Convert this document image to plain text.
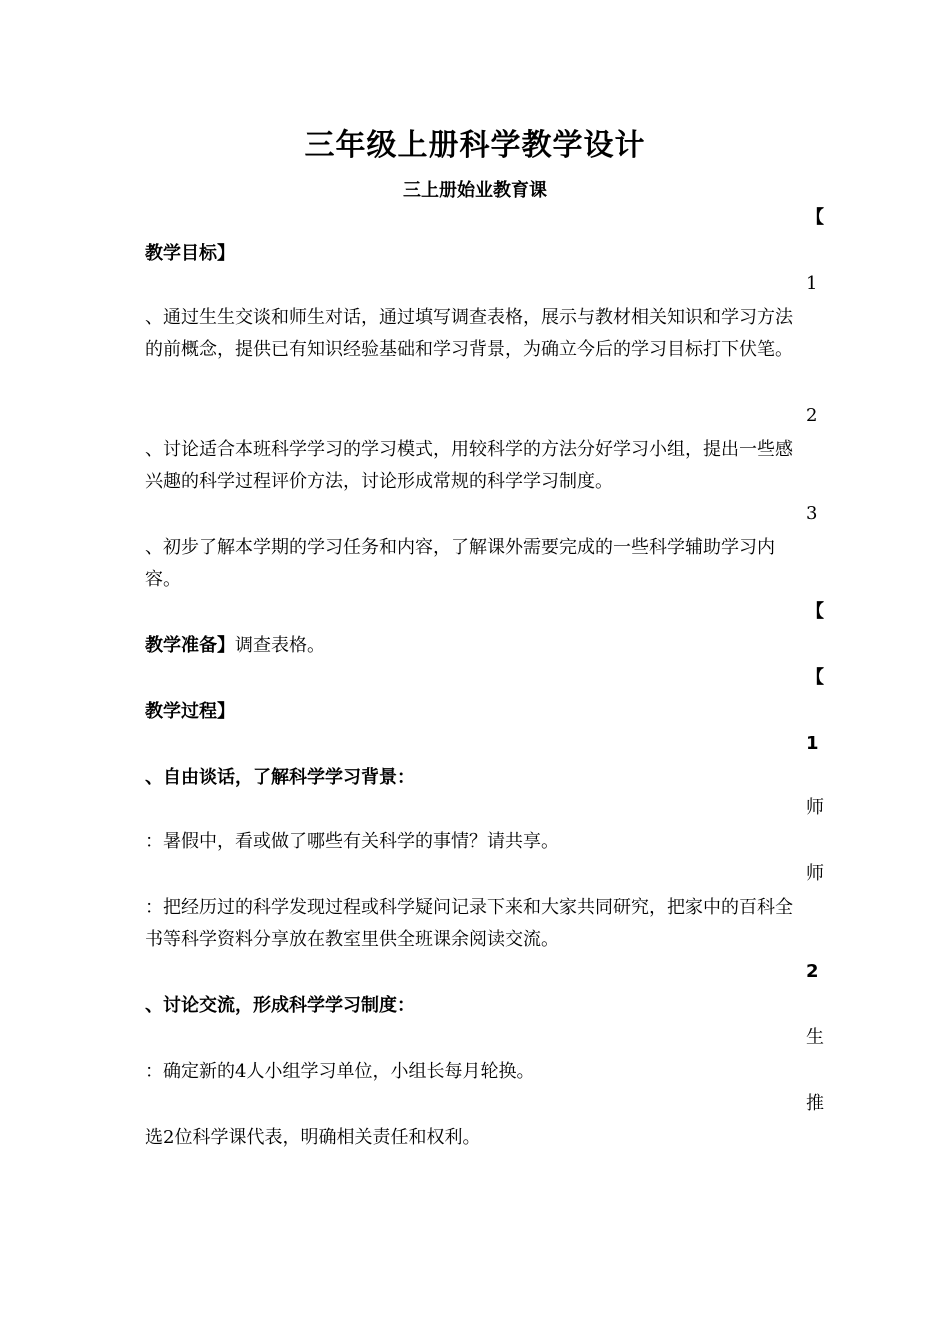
三年级上册科学教学设计
三上册始业教育课
【
教学目标】
1
、通过生生交谈和师生对话，通过填写调查表格，展示与教材相关知识和学习方法的前概念，提供已有知识经验基础和学习背景，为确立今后的学习目标打下伏笔。
2
、讨论适合本班科学学习的学习模式，用较科学的方法分好学习小组，提出一些感兴趣的科学过程评价方法，讨论形成常规的科学学习制度。
3
、初步了解本学期的学习任务和内容，了解课外需要完成的一些科学辅助学习内容。
【
教学准备】调查表格。
【
教学过程】
1
、自由谈话，了解科学学习背景：
师
：暑假中，看或做了哪些有关科学的事情？请共享。
师
：把经历过的科学发现过程或科学疑问记录下来和大家共同研究，把家中的百科全书等科学资料分享放在教室里供全班课余阅读交流。
2
、讨论交流，形成科学学习制度：
生
：确定新的4人小组学习单位，小组长每月轮换。
推
选2位科学课代表，明确相关责任和权利。
